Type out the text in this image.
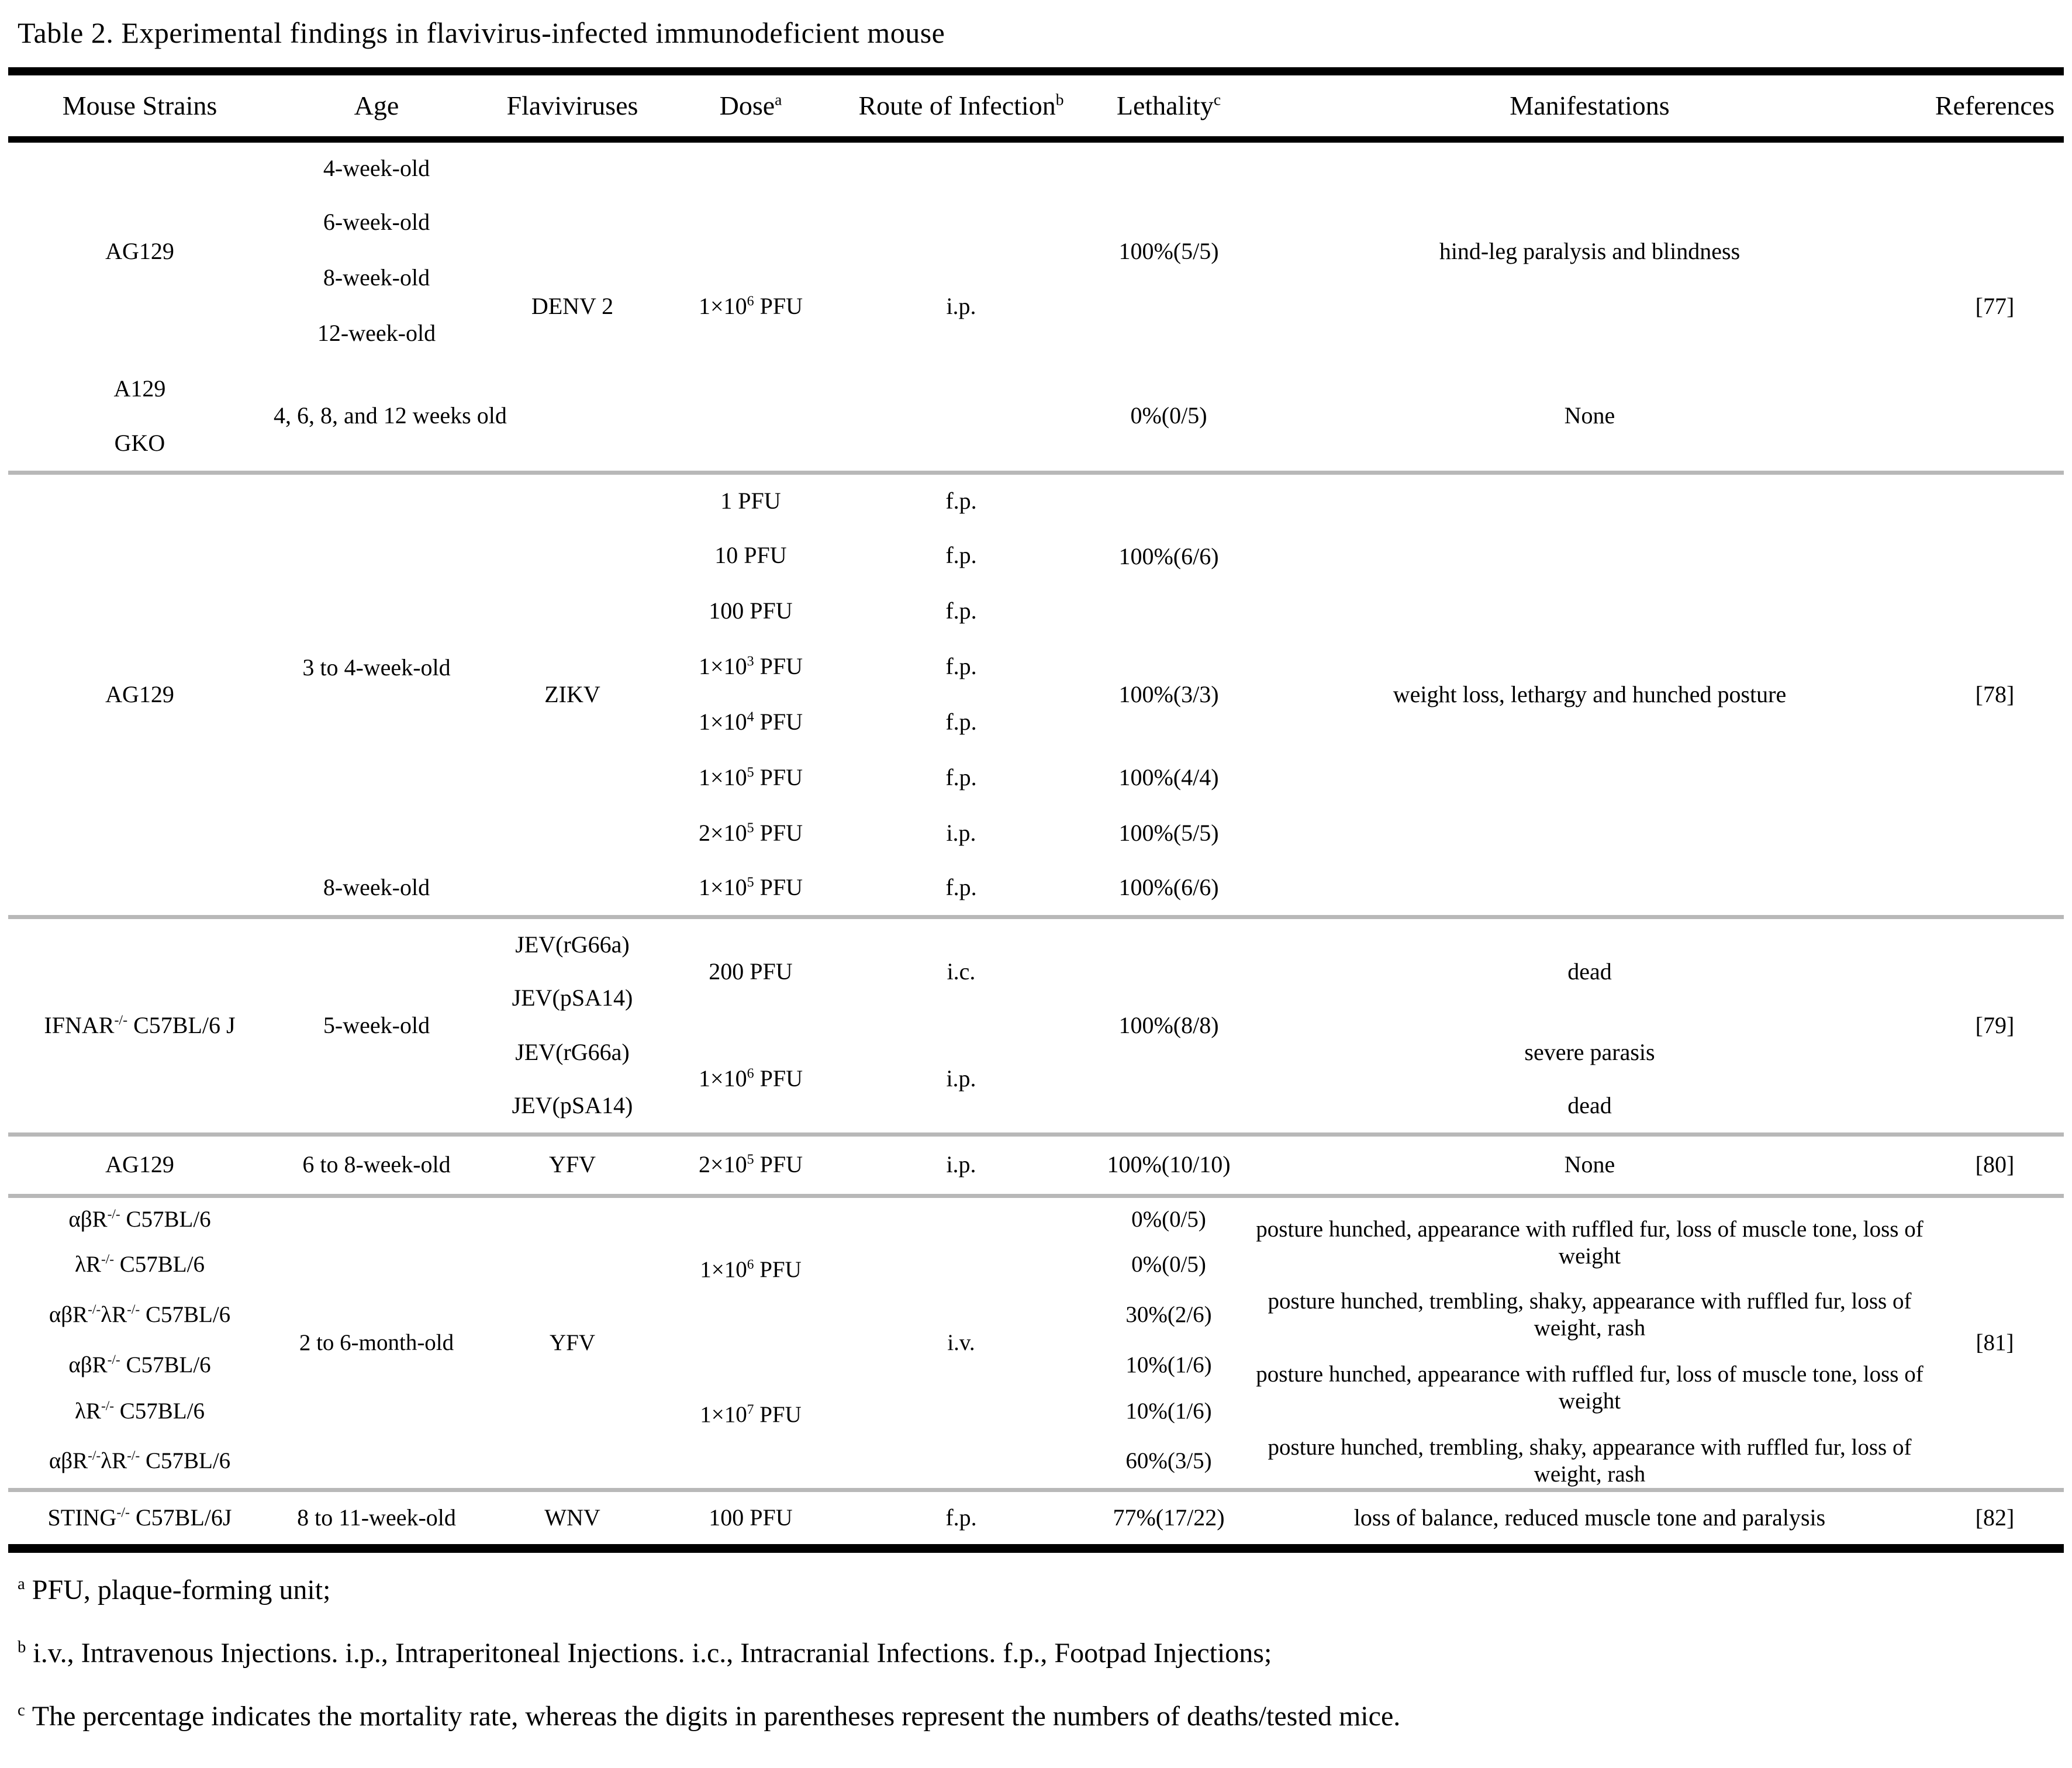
Table 2. Experimental findings in flavivirus-infected immunodeficient mouse
Mouse Strains	Age	Flaviviruses	Dose$^a$	Route of Infection$^b$	Lethality$^c$	Manifestations	References
AG129	4-week-old	DENV 2	$1\times 10^6$ PFU	i.p.	100%(5/5)	hind-leg paralysis and blindness	[77]
	6-week-old						
	8-week-old						
	12-week-old						
A129	4, 6, 8, and 12 weeks old				0%(0/5)	None	
GKO							
AG129	3 to 4-week-old	ZIKV	1 PFU	f.p.	100%(6/6)	weight loss, lethargy and hunched posture	[78]
			10 PFU	f.p.			
			100 PFU	f.p.			
			$1\times 10^3$ PFU	f.p.	100%(3/3)		
			$1\times 10^4$ PFU	f.p.			
			$1\times 10^5$ PFU	f.p.	100%(4/4)		
			$2\times 10^5$ PFU	i.p.	100%(5/5)		
	8-week-old		$1\times 10^5$ PFU	f.p.	100%(6/6)		
IFNAR-/- C57BL/6 J	5-week-old	JEV(rG66a)	200 PFU	i.c.	100%(8/8)	dead	[79]
		JEV(pSA14)					
		JEV(rG66a)	$1\times 10^6$ PFU	i.p.		severe parasis	
		JEV(pSA14)				dead	
AG129	6 to 8-week-old	YFV	$2\times 10^5$ PFU	i.p.	100%(10/10)	None	[80]
αβR-/- C57BL/6	2 to 6-month-old	YFV	$1\times 10^6$ PFU	i.v.	0%(0/5)	posture hunched, appearance with ruffled fur, loss of muscle tone, loss of weight	[81]
λR-/- C57BL/6					0%(0/5)		
αβR-/-λR-/- C57BL/6					30%(2/6)	posture hunched, trembling, shaky, appearance with ruffled fur, loss of weight, rash	
αβR-/- C57BL/6			$1\times 10^7$ PFU		10%(1/6)	posture hunched, appearance with ruffled fur, loss of muscle tone, loss of weight	
λR-/- C57BL/6					10%(1/6)		
αβR-/-λR-/- C57BL/6					60%(3/5)	posture hunched, trembling, shaky, appearance with ruffled fur, loss of weight, rash	
STING-/- C57BL/6J	8 to 11-week-old	WNV	100 PFU	f.p.	77%(17/22)	loss of balance, reduced muscle tone and paralysis	[82]

$^a$ PFU, plaque-forming unit;

$^b$ i.v., Intravenous Injections. i.p., Intraperitoneal Injections. i.c., Intracranial Infections. f.p., Footpad Injections;

$^c$ The percentage indicates the mortality rate, whereas the digits in parentheses represent the numbers of deaths/tested mice.
